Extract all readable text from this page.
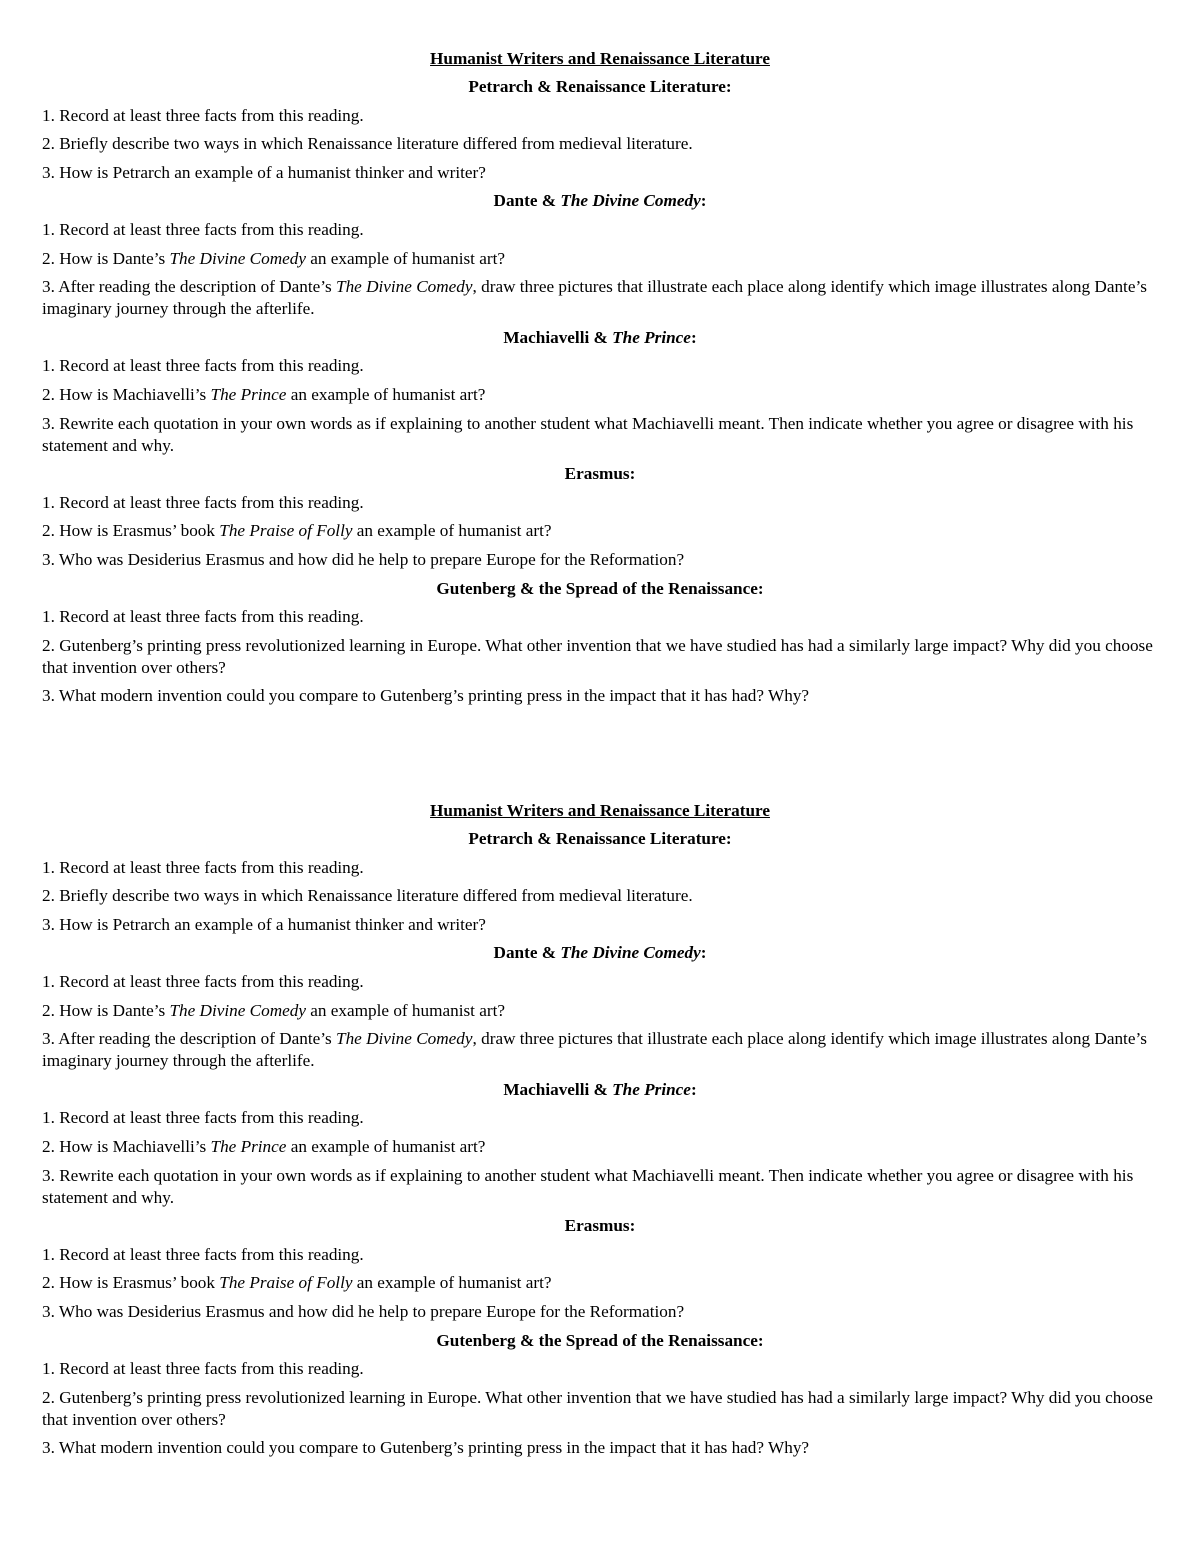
Humanist Writers and Renaissance Literature
Petrarch & Renaissance Literature:
1. Record at least three facts from this reading.
2. Briefly describe two ways in which Renaissance literature differed from medieval literature.
3. How is Petrarch an example of a humanist thinker and writer?
Dante & The Divine Comedy:
1. Record at least three facts from this reading.
2. How is Dante’s The Divine Comedy an example of humanist art?
3. After reading the description of Dante’s The Divine Comedy, draw three pictures that illustrate each place along identify which image illustrates along Dante’s imaginary journey through the afterlife.
Machiavelli & The Prince:
1. Record at least three facts from this reading.
2. How is Machiavelli’s The Prince an example of humanist art?
3. Rewrite each quotation in your own words as if explaining to another student what Machiavelli meant. Then indicate whether you agree or disagree with his statement and why.
Erasmus:
1. Record at least three facts from this reading.
2. How is Erasmus’ book The Praise of Folly an example of humanist art?
3. Who was Desiderius Erasmus and how did he help to prepare Europe for the Reformation?
Gutenberg & the Spread of the Renaissance:
1. Record at least three facts from this reading.
2. Gutenberg’s printing press revolutionized learning in Europe. What other invention that we have studied has had a similarly large impact? Why did you choose that invention over others?
3. What modern invention could you compare to Gutenberg’s printing press in the impact that it has had? Why?
Humanist Writers and Renaissance Literature
Petrarch & Renaissance Literature:
1. Record at least three facts from this reading.
2. Briefly describe two ways in which Renaissance literature differed from medieval literature.
3. How is Petrarch an example of a humanist thinker and writer?
Dante & The Divine Comedy:
1. Record at least three facts from this reading.
2. How is Dante’s The Divine Comedy an example of humanist art?
3. After reading the description of Dante’s The Divine Comedy, draw three pictures that illustrate each place along identify which image illustrates along Dante’s imaginary journey through the afterlife.
Machiavelli & The Prince:
1. Record at least three facts from this reading.
2. How is Machiavelli’s The Prince an example of humanist art?
3. Rewrite each quotation in your own words as if explaining to another student what Machiavelli meant. Then indicate whether you agree or disagree with his statement and why.
Erasmus:
1. Record at least three facts from this reading.
2. How is Erasmus’ book The Praise of Folly an example of humanist art?
3. Who was Desiderius Erasmus and how did he help to prepare Europe for the Reformation?
Gutenberg & the Spread of the Renaissance:
1. Record at least three facts from this reading.
2. Gutenberg’s printing press revolutionized learning in Europe. What other invention that we have studied has had a similarly large impact? Why did you choose that invention over others?
3. What modern invention could you compare to Gutenberg’s printing press in the impact that it has had? Why?
